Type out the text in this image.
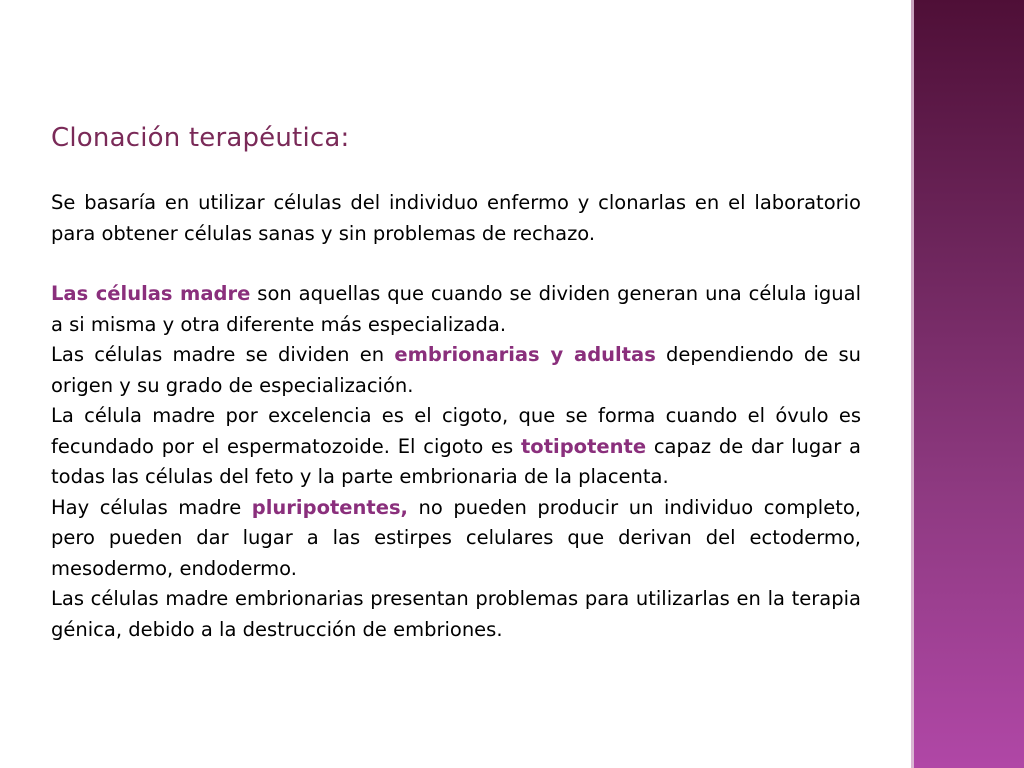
Clonación terapéutica:

Se basaría en utilizar células del individuo enfermo y clonarlas en el laboratorio para obtener células sanas y sin problemas de rechazo.

Las células madre son aquellas que cuando se dividen generan una célula igual a si misma y otra diferente más especializada.

Las células madre se dividen en embrionarias y adultas dependiendo de su origen y su grado de especialización.

La célula madre por excelencia es el cigoto, que se forma cuando el óvulo es fecundado por el espermatozoide. El cigoto es totipotente capaz de dar lugar a todas las células del feto y la parte embrionaria de la placenta.

Hay células madre pluripotentes, no pueden producir un individuo completo, pero pueden dar lugar a las estirpes celulares que derivan del ectodermo, mesodermo, endodermo.

Las células madre embrionarias presentan problemas para utilizarlas en la terapia génica, debido a la destrucción de embriones.
